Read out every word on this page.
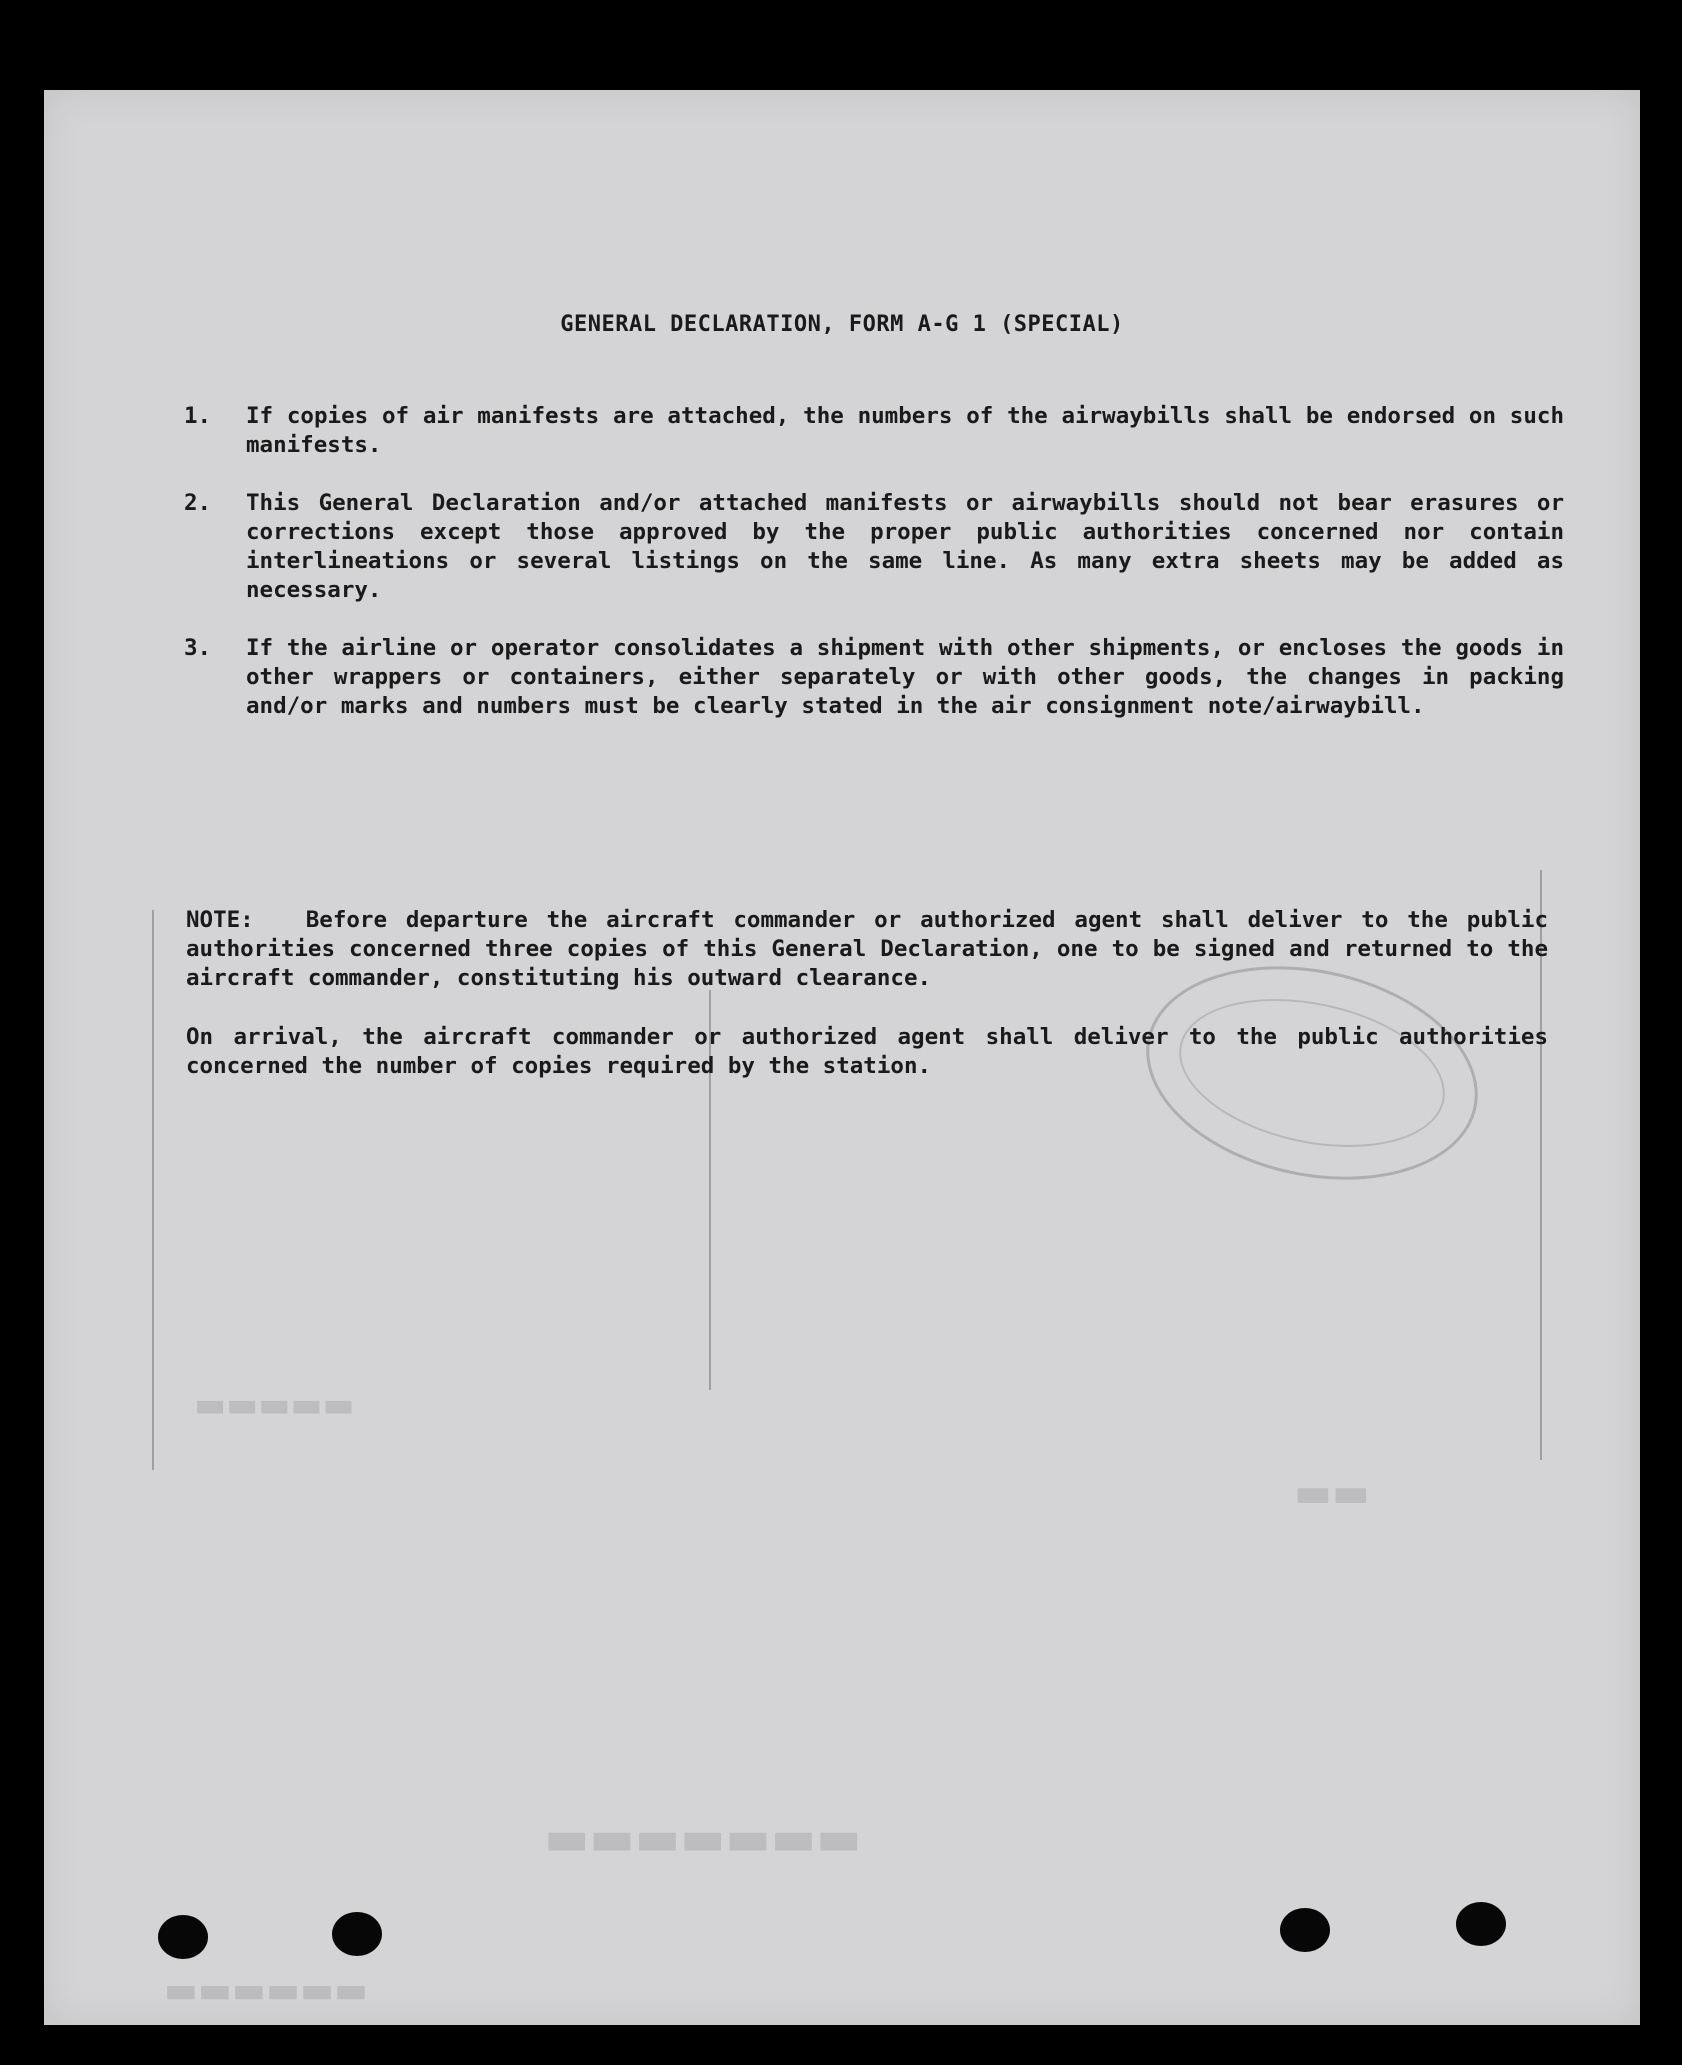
▬▬▬▬▬
▬▬
▬▬▬▬▬▬▬
▬▬▬▬▬▬
GENERAL DECLARATION, FORM A-G 1 (SPECIAL)
1.	If copies of air manifests are attached, the numbers of the airwaybills shall be endorsed on such manifests.
2.	This General Declaration and/or attached manifests or airwaybills should not bear erasures or corrections except those approved by the proper public authorities concerned nor contain interlineations or several listings on the same line. As many extra sheets may be added as necessary.
3.	If the airline or operator consolidates a shipment with other shipments, or encloses the goods in other wrappers or containers, either separately or with other goods, the changes in packing and/or marks and numbers must be clearly stated in the air consignment note/airwaybill.

NOTE: Before departure the aircraft commander or authorized agent shall deliver to the public authorities concerned three copies of this General Declaration, one to be signed and returned to the aircraft commander, constituting his outward clearance.

On arrival, the aircraft commander or authorized agent shall deliver to the public authorities concerned the number of copies required by the station.
